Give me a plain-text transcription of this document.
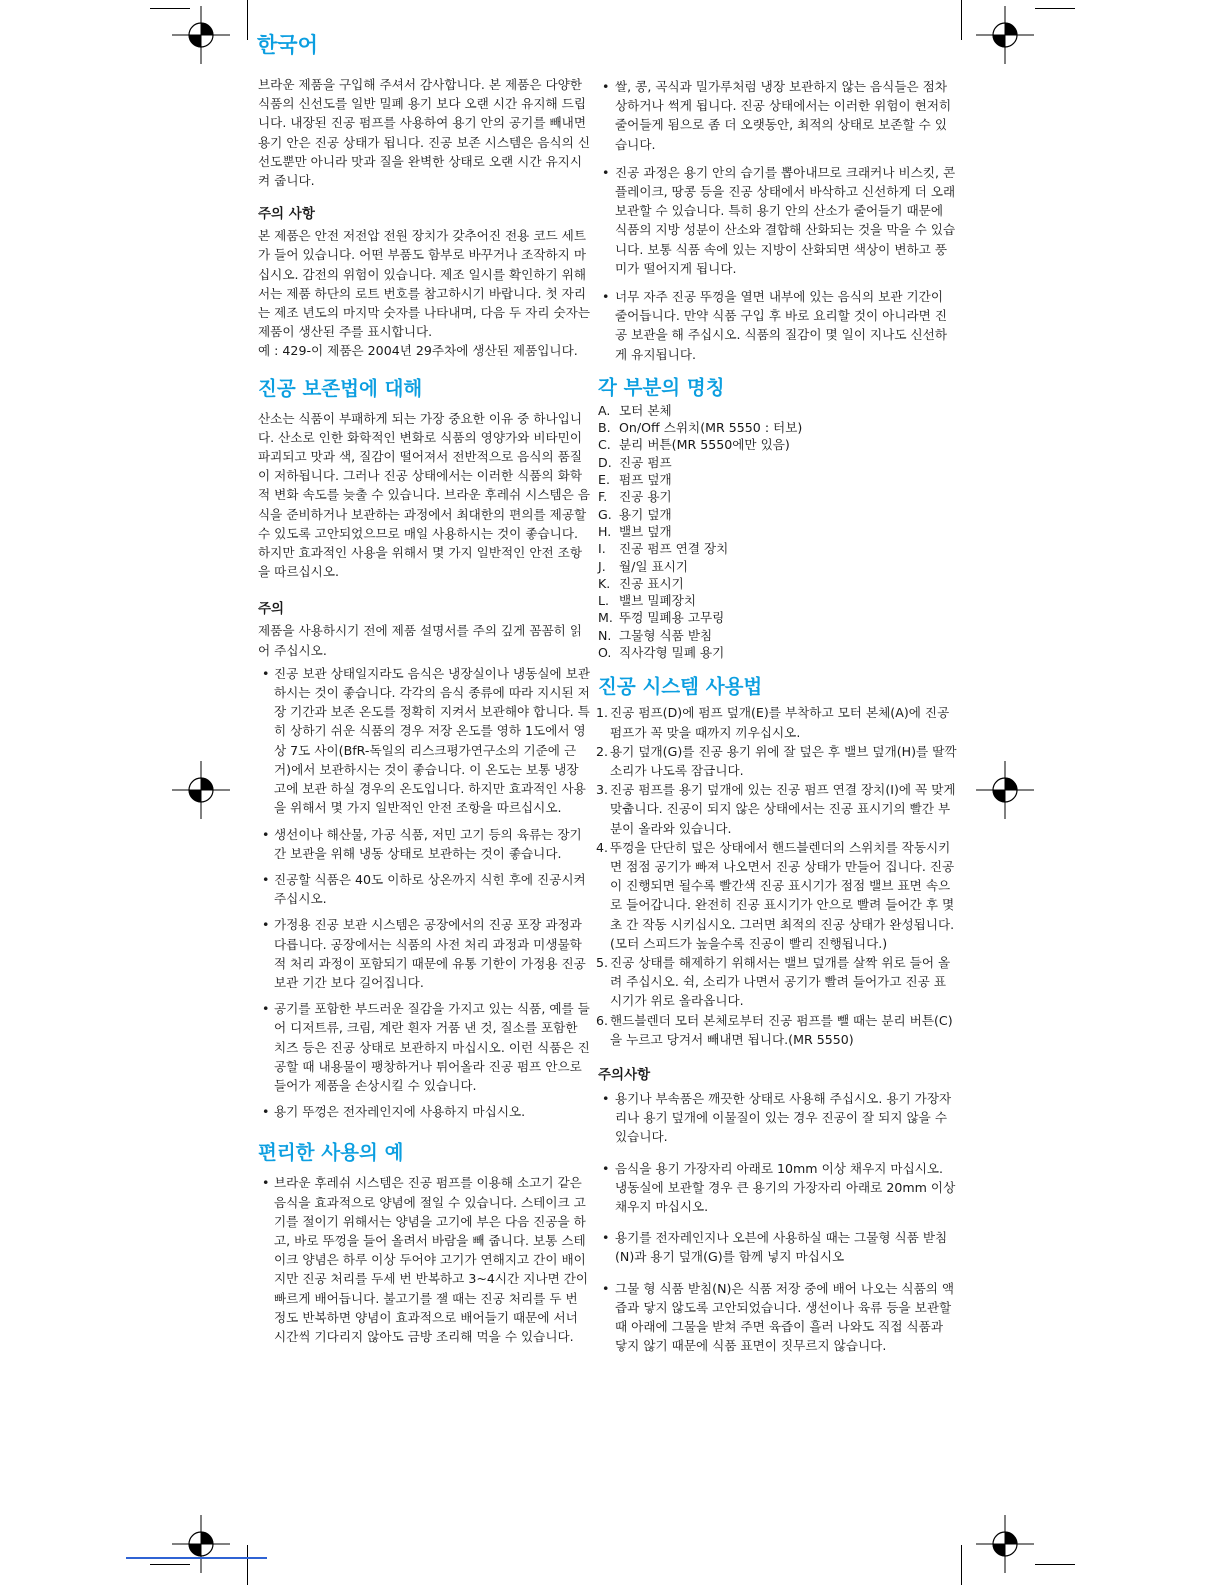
한국어

브라운 제품을 구입해 주셔서 감사합니다. 본 제품은 다양한 식품의 신선도를 일반 밀폐 용기 보다 오랜 시간 유지해 드립니다. 내장된 진공 펌프를 사용하여 용기 안의 공기를 빼내면 용기 안은 진공 상태가 됩니다. 진공 보존 시스템은 음식의 신선도뿐만 아니라 맛과 질을 완벽한 상태로 오랜 시간 유지시켜 줍니다.

주의 사항

본 제품은 안전 저전압 전원 장치가 갖추어진 전용 코드 세트가 들어 있습니다. 어떤 부품도 함부로 바꾸거나 조작하지 마십시오. 감전의 위험이 있습니다. 제조 일시를 확인하기 위해서는 제품 하단의 로트 번호를 참고하시기 바랍니다. 첫 자리는 제조 년도의 마지막 숫자를 나타내며, 다음 두 자리 숫자는 제품이 생산된 주를 표시합니다.

예 : 429-이 제품은 2004년 29주차에 생산된 제품입니다.

진공 보존법에 대해

산소는 식품이 부패하게 되는 가장 중요한 이유 중 하나입니다. 산소로 인한 화학적인 변화로 식품의 영양가와 비타민이 파괴되고 맛과 색, 질감이 떨어져서 전반적으로 음식의 품질이 저하됩니다. 그러나 진공 상태에서는 이러한 식품의 화학적 변화 속도를 늦출 수 있습니다. 브라운 후레쉬 시스템은 음식을 준비하거나 보관하는 과정에서 최대한의 편의를 제공할 수 있도록 고안되었으므로 매일 사용하시는 것이 좋습니다.

하지만 효과적인 사용을 위해서 몇 가지 일반적인 안전 조항을 따르십시오.

주의

제품을 사용하시기 전에 제품 설명서를 주의 깊게 꼼꼼히 읽어 주십시오.

• 진공 보관 상태일지라도 음식은 냉장실이나 냉동실에 보관하시는 것이 좋습니다. 각각의 음식 종류에 따라 지시된 저장 기간과 보존 온도를 정확히 지켜서 보관해야 합니다. 특히 상하기 쉬운 식품의 경우 저장 온도를 영하 1도에서 영상 7도 사이(BfR-독일의 리스크평가연구소의 기준에 근거)에서 보관하시는 것이 좋습니다. 이 온도는 보통 냉장고에 보관 하실 경우의 온도입니다. 하지만 효과적인 사용을 위해서 몇 가지 일반적인 안전 조항을 따르십시오.
• 생선이나 해산물, 가공 식품, 저민 고기 등의 육류는 장기간 보관을 위해 냉동 상태로 보관하는 것이 좋습니다.
• 진공할 식품은 40도 이하로 상온까지 식힌 후에 진공시켜 주십시오.
• 가정용 진공 보관 시스템은 공장에서의 진공 포장 과정과 다릅니다. 공장에서는 식품의 사전 처리 과정과 미생물학적 처리 과정이 포함되기 때문에 유통 기한이 가정용 진공 보관 기간 보다 길어집니다.
• 공기를 포함한 부드러운 질감을 가지고 있는 식품, 예를 들어 디저트류, 크림, 계란 흰자 거품 낸 것, 질소를 포함한 치즈 등은 진공 상태로 보관하지 마십시오. 이런 식품은 진공할 때 내용물이 팽창하거나 튀어올라 진공 펌프 안으로 들어가 제품을 손상시킬 수 있습니다.
• 용기 뚜껑은 전자레인지에 사용하지 마십시오.
편리한 사용의 예
• 브라운 후레쉬 시스템은 진공 펌프를 이용해 소고기 같은 음식을 효과적으로 양념에 절일 수 있습니다. 스테이크 고기를 절이기 위해서는 양념을 고기에 부은 다음 진공을 하고, 바로 뚜껑을 들어 올려서 바람을 빼 줍니다. 보통 스테이크 양념은 하루 이상 두어야 고기가 연해지고 간이 배이지만 진공 처리를 두세 번 반복하고 3~4시간 지나면 간이 빠르게 배어듭니다. 불고기를 잴 때는 진공 처리를 두 번 정도 반복하면 양념이 효과적으로 배어들기 때문에 서너 시간씩 기다리지 않아도 금방 조리해 먹을 수 있습니다.
• 쌀, 콩, 곡식과 밀가루처럼 냉장 보관하지 않는 음식들은 점차 상하거나 썩게 됩니다. 진공 상태에서는 이러한 위험이 현저히 줄어들게 됨으로 좀 더 오랫동안, 최적의 상태로 보존할 수 있습니다.
• 진공 과정은 용기 안의 습기를 뽑아내므로 크래커나 비스킷, 콘플레이크, 땅콩 등을 진공 상태에서 바삭하고 신선하게 더 오래 보관할 수 있습니다. 특히 용기 안의 산소가 줄어들기 때문에 식품의 지방 성분이 산소와 결합해 산화되는 것을 막을 수 있습니다. 보통 식품 속에 있는 지방이 산화되면 색상이 변하고 풍미가 떨어지게 됩니다.
• 너무 자주 진공 뚜껑을 열면 내부에 있는 음식의 보관 기간이 줄어듭니다. 만약 식품 구입 후 바로 요리할 것이 아니라면 진공 보관을 해 주십시오. 식품의 질감이 몇 일이 지나도 신선하게 유지됩니다.
각 부분의 명칭
A. 모터 본체
B. On/Off 스위치(MR 5550 : 터보)
C. 분리 버튼(MR 5550에만 있음)
D. 진공 펌프
E. 펌프 덮개
F. 진공 용기
G. 용기 덮개
H. 밸브 덮개
I.	진공 펌프 연결 장치
J.	월/일 표시기
K. 진공 표시기
L. 밸브 밀폐장치
M. 뚜껑 밀폐용 고무링
N. 그물형 식품 받침
O. 직사각형 밀폐 용기
진공 시스템 사용법
1. 진공 펌프(D)에 펌프 덮개(E)를 부착하고 모터 본체(A)에 진공 펌프가 꼭 맞을 때까지 끼우십시오.
2. 용기 덮개(G)를 진공 용기 위에 잘 덮은 후 밸브 덮개(H)를 딸깍 소리가 나도록 잠급니다.
3. 진공 펌프를 용기 덮개에 있는 진공 펌프 연결 장치(I)에 꼭 맞게 맞춥니다. 진공이 되지 않은 상태에서는 진공 표시기의 빨간 부분이 올라와 있습니다.
4. 뚜껑을 단단히 덮은 상태에서 핸드블렌더의 스위치를 작동시키면 점점 공기가 빠져 나오면서 진공 상태가 만들어 집니다. 진공이 진행되면 될수록 빨간색 진공 표시기가 점점 밸브 표면 속으로 들어갑니다. 완전히 진공 표시기가 안으로 빨려 들어간 후 몇 초 간 작동 시키십시오. 그러면 최적의 진공 상태가 완성됩니다. (모터 스피드가 높을수록 진공이 빨리 진행됩니다.)
5. 진공 상태를 해제하기 위해서는 밸브 덮개를 살짝 위로 들어 올려 주십시오. 쉭, 소리가 나면서 공기가 빨려 들어가고 진공 표시기가 위로 올라옵니다.
6. 핸드블렌더 모터 본체로부터 진공 펌프를 뺄 때는 분리 버튼(C)을 누르고 당겨서 빼내면 됩니다.(MR 5550)
주의사항
• 용기나 부속품은 깨끗한 상태로 사용해 주십시오. 용기 가장자리나 용기 덮개에 이물질이 있는 경우 진공이 잘 되지 않을 수 있습니다.
• 음식을 용기 가장자리 아래로 10mm 이상 채우지 마십시오. 냉동실에 보관할 경우 큰 용기의 가장자리 아래로 20mm 이상 채우지 마십시오.
• 용기를 전자레인지나 오븐에 사용하실 때는 그물형 식품 받침(N)과 용기 덮개(G)를 함께 넣지 마십시오
• 그물 형 식품 받침(N)은 식품 저장 중에 배어 나오는 식품의 액즙과 닿지 않도록 고안되었습니다. 생선이나 육류 등을 보관할 때 아래에 그물을 받쳐 주면 육즙이 흘러 나와도 직접 식품과 닿지 않기 때문에 식품 표면이 짓무르지 않습니다.
